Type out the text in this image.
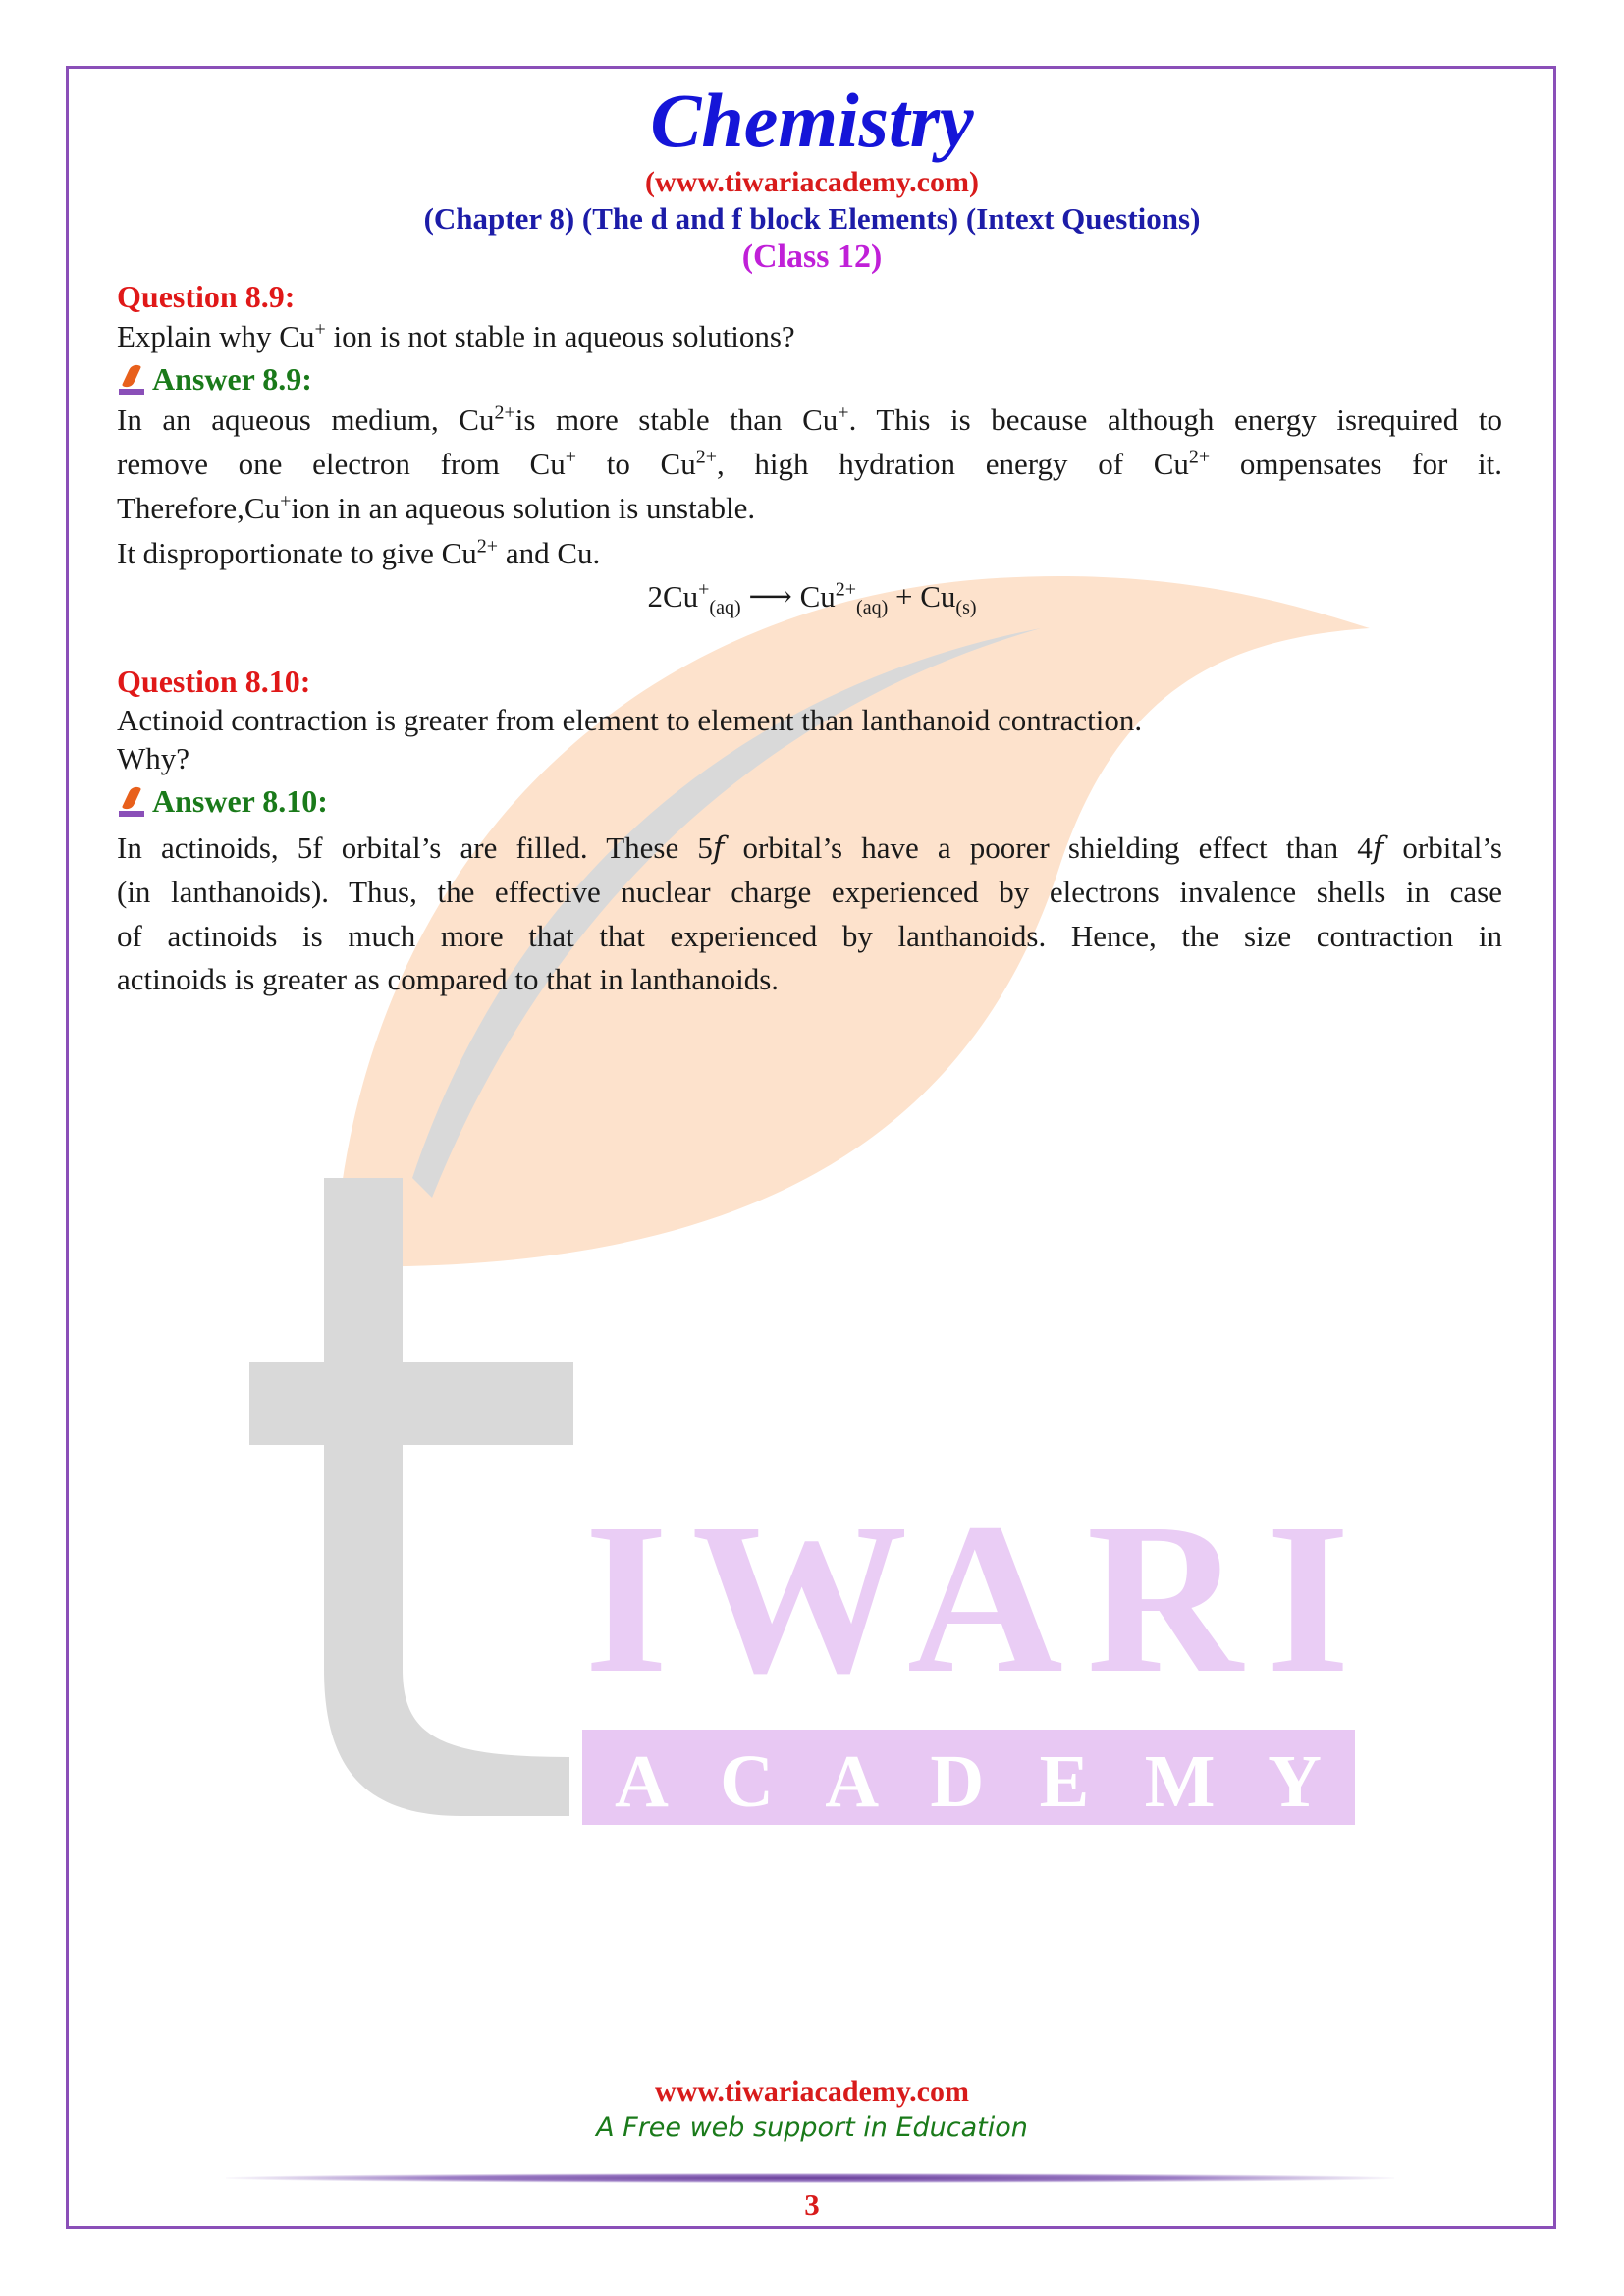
IWARI
A C A D E M Y
Chemistry
(www.tiwariacademy.com)
(Chapter 8) (The d and f block Elements) (Intext Questions)
(Class 12)
Question 8.9:
Explain why Cu+ ion is not stable in aqueous solutions?
Answer 8.9:
In an aqueous medium, $Cu^{2+}is$ more stable than Cu+. This is because although energy isrequired to
remove one electron from Cu+ to $Cu^{2+}$, high hydration energy of $Cu^{2+}$ ompensates for it.
Therefore,Cu+ion in an aqueous solution is unstable.
It disproportionate to give $Cu^{2+}$ and Cu.
$2Cu^+_{(aq)}$ ⟶ $Cu^{2+}_{(aq)} + Cu_{(s)}$
Question 8.10:
Actinoid contraction is greater from element to element than lanthanoid contraction.
Why?
Answer 8.10:
In actinoids, 5f orbital’s are filled. These 5𝑓 orbital’s have a poorer shielding effect than 4𝑓 orbital’s
(in lanthanoids). Thus, the effective nuclear charge experienced by electrons invalence shells in case
of actinoids is much more that that experienced by lanthanoids. Hence, the size contraction in
actinoids is greater as compared to that in lanthanoids.
www.tiwariacademy.com
A Free web support in Education
3
